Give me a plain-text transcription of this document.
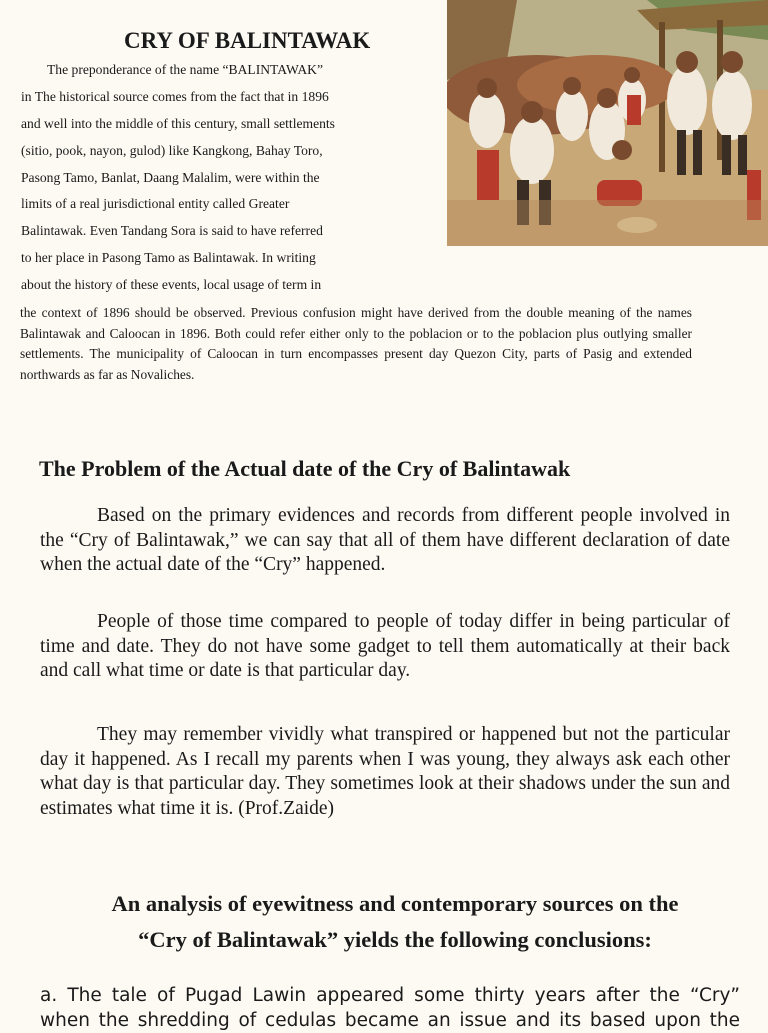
CRY OF BALINTAWAK
The preponderance of the name “BALINTAWAK”
in The historical source comes from the fact that in 1896
and well into the middle of this century, small settlements
(sitio, pook, nayon, gulod) like Kangkong, Bahay Toro,
Pasong Tamo, Banlat, Daang Malalim, were within the
limits of a real jurisdictional entity called Greater
Balintawak. Even Tandang Sora is said to have referred
to her place in Pasong Tamo as Balintawak. In writing
about the history of these events, local usage of term in
the context of 1896 should be observed. Previous confusion might have derived from the double meaning of the names Balintawak and Caloocan in 1896. Both could refer either only to the poblacion or to the poblacion plus outlying smaller settlements. The municipality of Caloocan in turn encompasses present day Quezon City, parts of Pasig and extended northwards as far as Novaliches.
The Problem of the Actual date of the Cry of Balintawak

Based on the primary evidences and records from different people involved in the “Cry of Balintawak,” we can say that all of them have different declaration of date when the actual date of the “Cry” happened.

People of those time compared to people of today differ in being particular of time and date. They do not have some gadget to tell them automatically at their back and call what time or date is that particular day.

They may remember vividly what transpired or happened but not the particular day it happened. As I recall my parents when I was young, they always ask each other what day is that particular day. They sometimes look at their shadows under the sun and estimates what time it is. (Prof.Zaide)

An analysis of eyewitness and contemporary sources on the
“Cry of Balintawak” yields the following conclusions:
a. The tale of Pugad Lawin appeared some thirty years after the “Cry” when the shredding of cedulas became an issue and its based upon the
